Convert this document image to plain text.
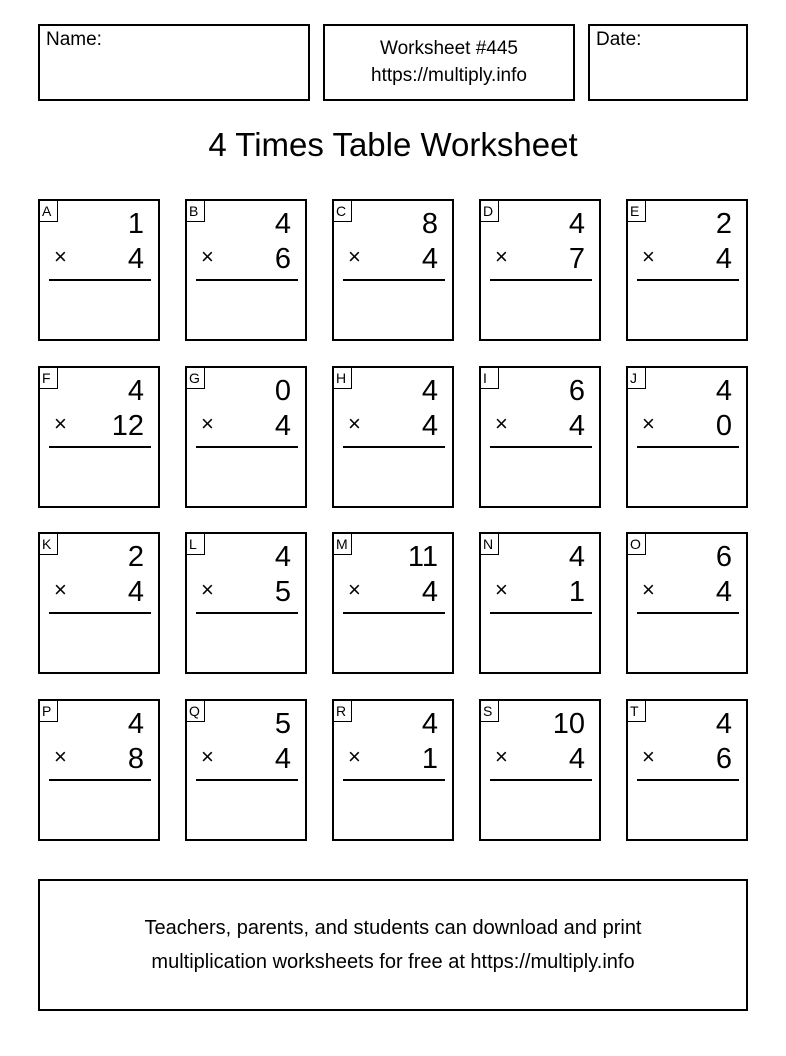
Name:	Worksheet #445
https://multiply.info
Date:
4 Times Table Worksheet
A	1
× 4
B	4
× 6
C	8
× 4
D	4
× 7
E	2
× 4
F	4
× 12
G	0
× 4
H	4
× 4
I	6
× 4
J	4
× 0
K	2
× 4
L	4
× 5
M 11
× 4
N	4
× 1
O	6
× 4
P	4
× 8
Q	5
× 4
R	4
× 1
S 10
× 4
T	4
× 6
Teachers, parents, and students can download and print
multiplication worksheets for free at https://multiply.info
